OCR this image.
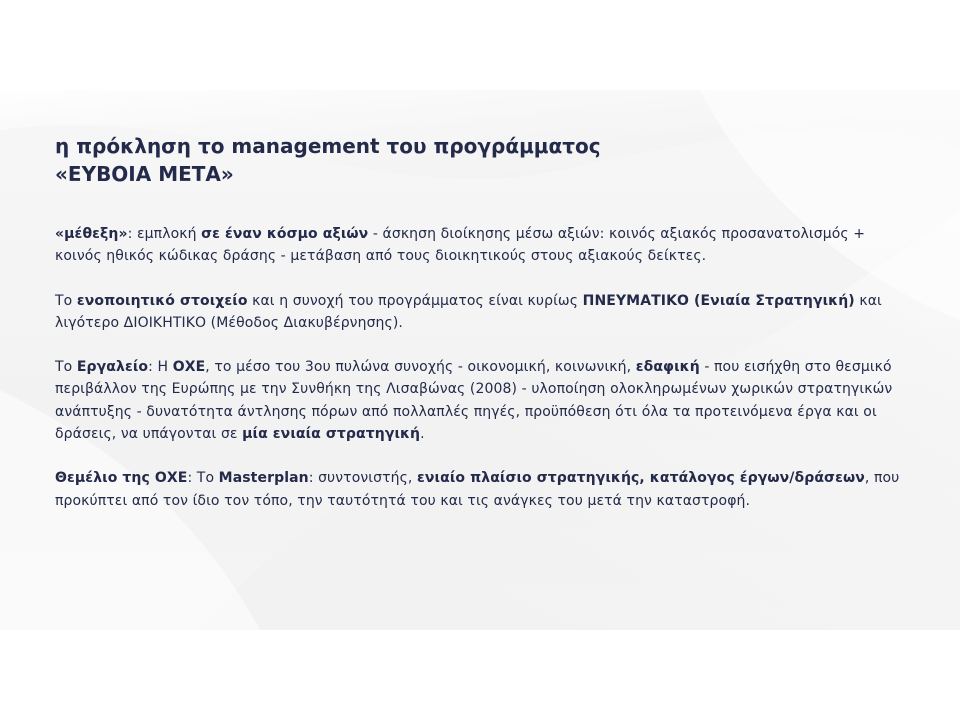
η πρόκληση το management του προγράμματος
«ΕΥΒΟΙΑ ΜΕΤΑ»

«μέθεξη»: εμπλοκή σε έναν κόσμο αξιών - άσκηση διοίκησης μέσω αξιών: κοινός αξιακός προσανατολισμός + κοινός ηθικός κώδικας δράσης - μετάβαση από τους διοικητικούς στους αξιακούς δείκτες.

Το ενοποιητικό στοιχείο και η συνοχή του προγράμματος είναι κυρίως ΠΝΕΥΜΑΤΙΚΟ (Ενιαία Στρατηγική) και λιγότερο ΔΙΟΙΚΗΤΙΚΟ (Μέθοδος Διακυβέρνησης).

Το Εργαλείο: Η ΟΧΕ, το μέσο του 3ου πυλώνα συνοχής - οικονομική, κοινωνική, εδαφική - που εισήχθη στο θεσμικό περιβάλλον της Ευρώπης με την Συνθήκη της Λισαβώνας (2008) - υλοποίηση ολοκληρωμένων χωρικών στρατηγικών ανάπτυξης - δυνατότητα άντλησης πόρων από πολλαπλές πηγές, προϋπόθεση ότι όλα τα προτεινόμενα έργα και οι δράσεις, να υπάγονται σε μία ενιαία στρατηγική.

Θεμέλιο της ΟΧΕ: Το Masterplan: συντονιστής, ενιαίο πλαίσιο στρατηγικής, κατάλογος έργων/δράσεων, που προκύπτει από τον ίδιο τον τόπο, την ταυτότητά του και τις ανάγκες του μετά την καταστροφή.
